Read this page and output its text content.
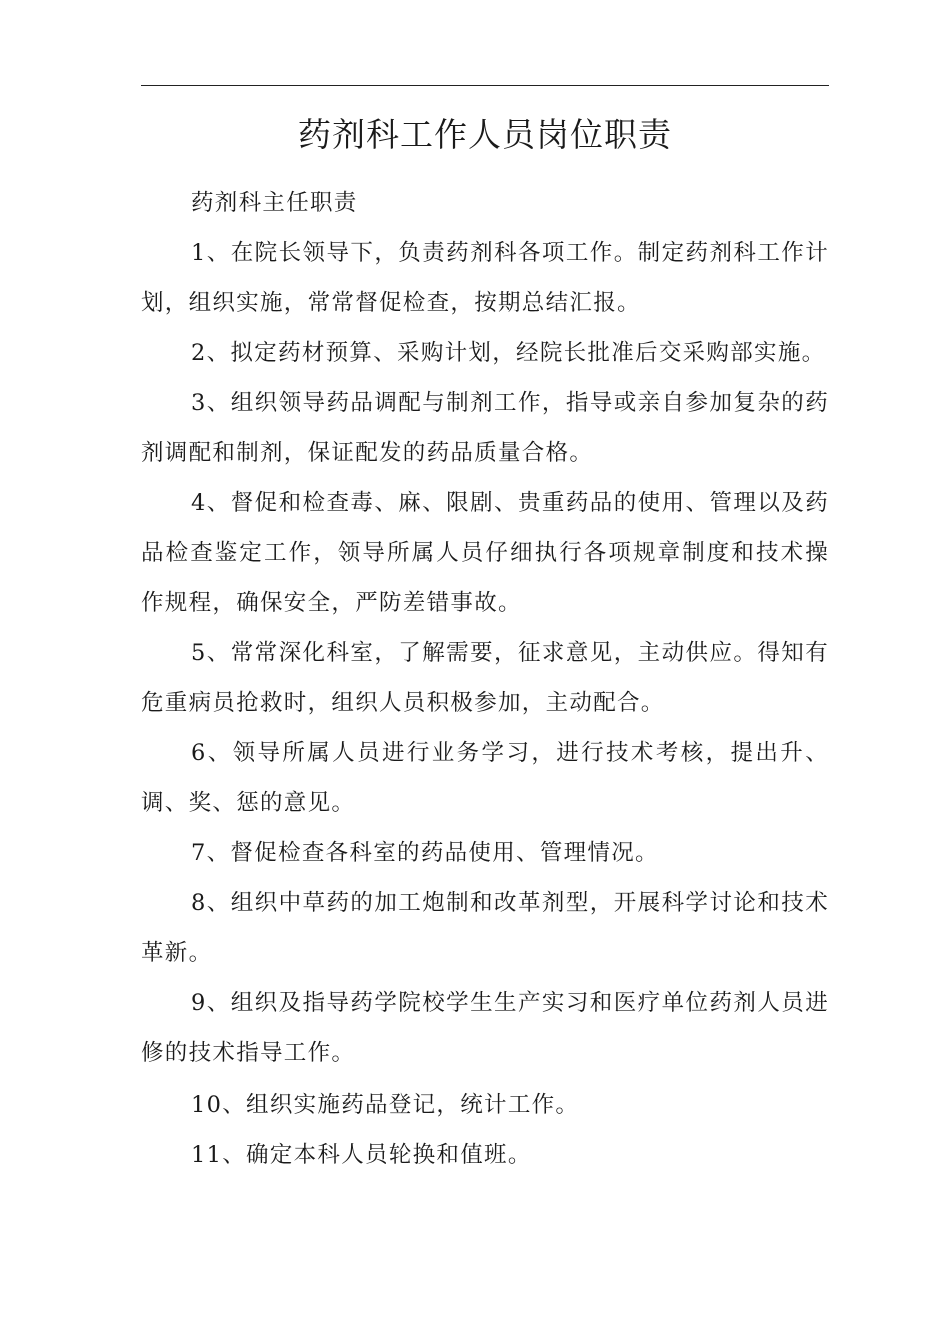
药剂科工作人员岗位职责

药剂科主任职责

1、在院长领导下，负责药剂科各项工作。制定药剂科工作计划，组织实施，常常督促检查，按期总结汇报。

2、拟定药材预算、采购计划，经院长批准后交采购部实施。

3、组织领导药品调配与制剂工作，指导或亲自参加复杂的药剂调配和制剂，保证配发的药品质量合格。

4、督促和检查毒、麻、限剧、贵重药品的使用、管理以及药品检查鉴定工作，领导所属人员仔细执行各项规章制度和技术操作规程，确保安全，严防差错事故。

5、常常深化科室，了解需要，征求意见，主动供应。得知有危重病员抢救时，组织人员积极参加，主动配合。

6、领导所属人员进行业务学习，进行技术考核，提出升、调、奖、惩的意见。

7、督促检查各科室的药品使用、管理情况。

8、组织中草药的加工炮制和改革剂型，开展科学讨论和技术革新。

9、组织及指导药学院校学生生产实习和医疗单位药剂人员进修的技术指导工作。

10、组织实施药品登记，统计工作。

11、确定本科人员轮换和值班。
